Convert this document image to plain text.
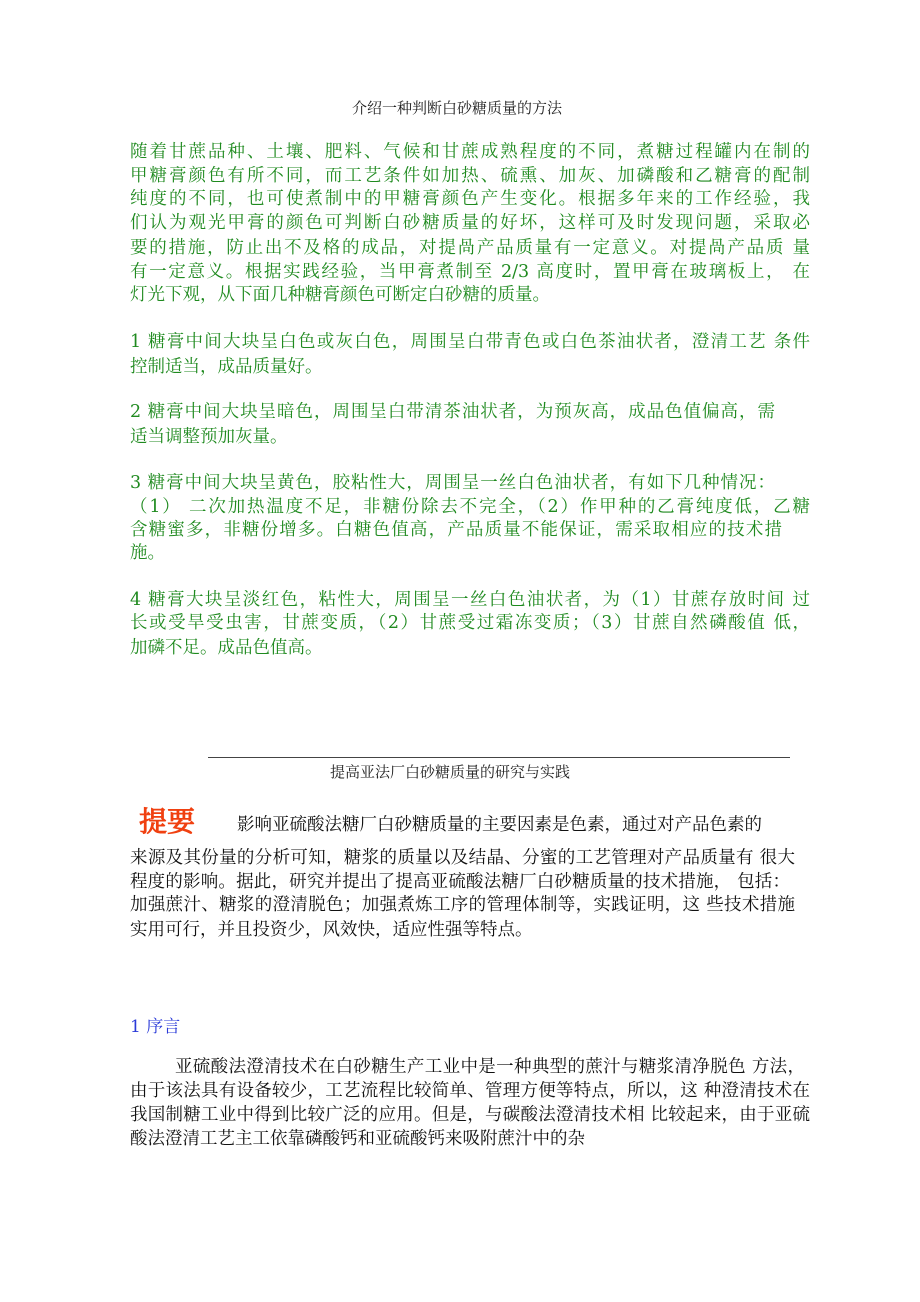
介绍一种判断白砂糖质量的方法
随着甘蔗品种、土壤、肥料、气候和甘蔗成熟程度的不同，煮糖过程罐内在制的
甲糖膏颜色有所不同，而工艺条件如加热、硫熏、加灰、加磷酸和乙糖膏的配制
纯度的不同，也可使煮制中的甲糖膏颜色产生变化。根据多年来的工作经验，我
们认为观光甲膏的颜色可判断白砂糖质量的好坏，这样可及时发现问题，采取必
要的措施，防止出不及格的成品，对提咼产品质量有一定意义。对提咼产品质 量
有一定意义。根据实践经验，当甲膏煮制至 2/3 高度时，置甲膏在玻璃板上， 在
灯光下观，从下面几种糖膏颜色可断定白砂糖的质量。
1 糖膏中间大块呈白色或灰白色，周围呈白带青色或白色茶油状者，澄清工艺 条件
控制适当，成品质量好。
2 糖膏中间大块呈暗色，周围呈白带清茶油状者，为预灰高，成品色值偏高，需
适当调整预加灰量。
3 糖膏中间大块呈黄色，胶粘性大，周围呈一丝白色油状者，有如下几种情况：
（1） 二次加热温度不足，非糖份除去不完全，（2）作甲种的乙膏纯度低，乙糖
含糖蜜多，非糖份增多。白糖色值高，产品质量不能保证，需采取相应的技术措
施。
4 糖膏大块呈淡红色，粘性大，周围呈一丝白色油状者，为（1）甘蔗存放时间 过
长或受旱受虫害，甘蔗变质，（2）甘蔗受过霜冻变质；（3）甘蔗自然磷酸值 低，
加磷不足。成品色值高。
提高亚法厂白砂糖质量的研究与实践
提要 影响亚硫酸法糖厂白砂糖质量的主要因素是色素，通过对产品色素的
来源及其份量的分析可知，糖浆的质量以及结晶、分蜜的工艺管理对产品质量有 很大
程度的影响。据此，研究并提出了提高亚硫酸法糖厂白砂糖质量的技术措施， 包括：
加强蔗汁、糖浆的澄清脱色；加强煮炼工序的管理体制等，实践证明，这 些技术措施
实用可行，并且投资少，风效快，适应性强等特点。
1 序言
亚硫酸法澄清技术在白砂糖生产工业中是一种典型的蔗汁与糖浆清净脱色 方法，
由于该法具有设备较少，工艺流程比较简单、管理方便等特点，所以，这 种澄清技术在
我国制糖工业中得到比较广泛的应用。但是，与碳酸法澄清技术相 比较起来，由于亚硫
酸法澄清工艺主工依靠磷酸钙和亚硫酸钙来吸附蔗汁中的杂
